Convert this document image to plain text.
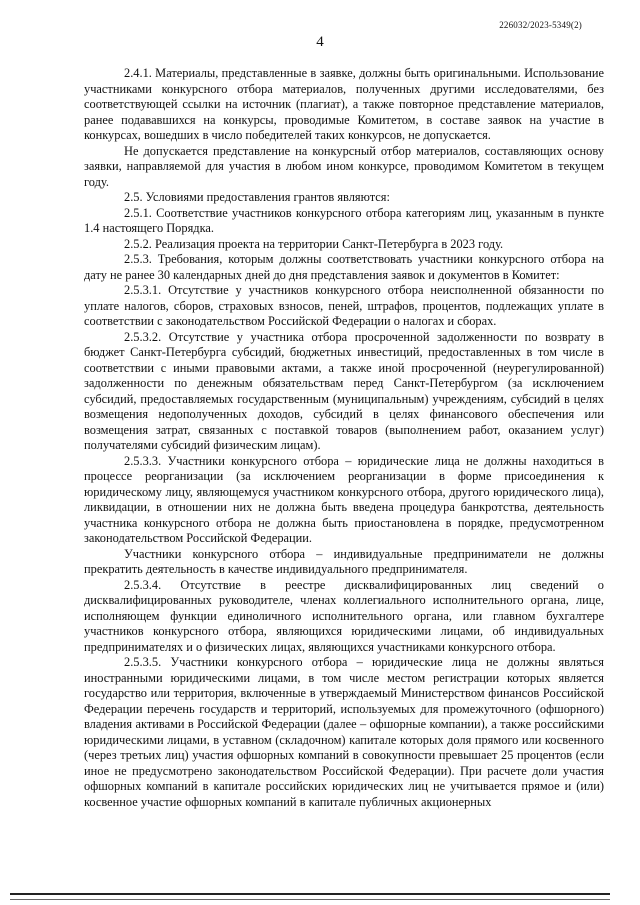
226032/2023-5349(2)
4

2.4.1. Материалы, представленные в заявке, должны быть оригинальными. Использование участниками конкурсного отбора материалов, полученных другими исследователями, без соответствующей ссылки на источник (плагиат), а также повторное представление материалов, ранее подававшихся на конкурсы, проводимые Комитетом, в составе заявок на участие в конкурсах, вошедших в число победителей таких конкурсов, не допускается.

Не допускается представление на конкурсный отбор материалов, составляющих основу заявки, направляемой для участия в любом ином конкурсе, проводимом Комитетом в текущем году.

2.5. Условиями предоставления грантов являются:

2.5.1. Соответствие участников конкурсного отбора категориям лиц, указанным в пункте 1.4 настоящего Порядка.

2.5.2. Реализация проекта на территории Санкт-Петербурга в 2023 году.

2.5.3. Требования, которым должны соответствовать участники конкурсного отбора на дату не ранее 30 календарных дней до дня представления заявок и документов в Комитет:

2.5.3.1. Отсутствие у участников конкурсного отбора неисполненной обязанности по уплате налогов, сборов, страховых взносов, пеней, штрафов, процентов, подлежащих уплате в соответствии с законодательством Российской Федерации о налогах и сборах.

2.5.3.2. Отсутствие у участника отбора просроченной задолженности по возврату в бюджет Санкт-Петербурга субсидий, бюджетных инвестиций, предоставленных в том числе в соответствии с иными правовыми актами, а также иной просроченной (неурегулированной) задолженности по денежным обязательствам перед Санкт-Петербургом (за исключением субсидий, предоставляемых государственным (муниципальным) учреждениям, субсидий в целях возмещения недополученных доходов, субсидий в целях финансового обеспечения или возмещения затрат, связанных с поставкой товаров (выполнением работ, оказанием услуг) получателями субсидий физическим лицам).

2.5.3.3. Участники конкурсного отбора – юридические лица не должны находиться в процессе реорганизации (за исключением реорганизации в форме присоединения к юридическому лицу, являющемуся участником конкурсного отбора, другого юридического лица), ликвидации, в отношении них не должна быть введена процедура банкротства, деятельность участника конкурсного отбора не должна быть приостановлена в порядке, предусмотренном законодательством Российской Федерации.

Участники конкурсного отбора – индивидуальные предприниматели не должны прекратить деятельность в качестве индивидуального предпринимателя.

2.5.3.4. Отсутствие в реестре дисквалифицированных лиц сведений о дисквалифицированных руководителе, членах коллегиального исполнительного органа, лице, исполняющем функции единоличного исполнительного органа, или главном бухгалтере участников конкурсного отбора, являющихся юридическими лицами, об индивидуальных предпринимателях и о физических лицах, являющихся участниками конкурсного отбора.

2.5.3.5. Участники конкурсного отбора – юридические лица не должны являться иностранными юридическими лицами, в том числе местом регистрации которых является государство или территория, включенные в утверждаемый Министерством финансов Российской Федерации перечень государств и территорий, используемых для промежуточного (офшорного) владения активами в Российской Федерации (далее – офшорные компании), а также российскими юридическими лицами, в уставном (складочном) капитале которых доля прямого или косвенного (через третьих лиц) участия офшорных компаний в совокупности превышает 25 процентов (если иное не предусмотрено законодательством Российской Федерации). При расчете доли участия офшорных компаний в капитале российских юридических лиц не учитывается прямое и (или) косвенное участие офшорных компаний в капитале публичных акционерных
